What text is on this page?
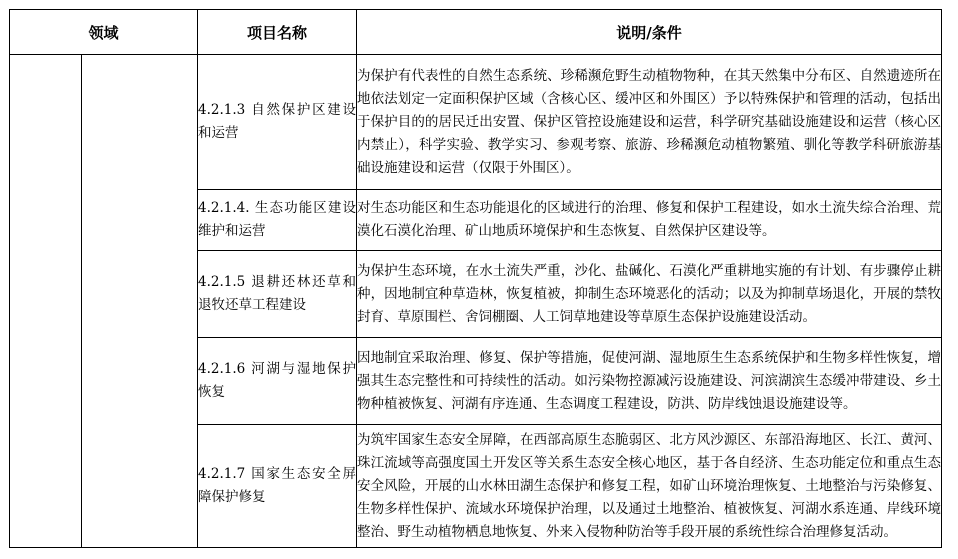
领域		项目名称	说明/条件
		4.2.1.3 自然保护区建设和运营	为保护有代表性的自然生态系统、珍稀濒危野生动植物物种，在其天然集中分布区、自然遗迹所在地依法划定一定面积保护区域（含核心区、缓冲区和外围区）予以特殊保护和管理的活动，包括出于保护目的的居民迁出安置、保护区管控设施建设和运营，科学研究基础设施建设和运营（核心区内禁止），科学实验、教学实习、参观考察、旅游、珍稀濒危动植物繁殖、驯化等教学科研旅游基础设施建设和运营（仅限于外围区）。
		4.2.1.4. 生态功能区建设维护和运营	对生态功能区和生态功能退化的区域进行的治理、修复和保护工程建设，如水土流失综合治理、荒漠化石漠化治理、矿山地质环境保护和生态恢复、自然保护区建设等。
		4.2.1.5 退耕还林还草和退牧还草工程建设	为保护生态环境，在水土流失严重，沙化、盐碱化、石漠化严重耕地实施的有计划、有步骤停止耕种，因地制宜种草造林，恢复植被，抑制生态环境恶化的活动；以及为抑制草场退化，开展的禁牧封育、草原围栏、舍饲棚圈、人工饲草地建设等草原生态保护设施建设活动。
		4.2.1.6 河湖与湿地保护恢复	因地制宜采取治理、修复、保护等措施，促使河湖、湿地原生生态系统保护和生物多样性恢复，增强其生态完整性和可持续性的活动。如污染物控源减污设施建设、河滨湖滨生态缓冲带建设、乡土物种植被恢复、河湖有序连通、生态调度工程建设，防洪、防岸线蚀退设施建设等。
		4.2.1.7 国家生态安全屏障保护修复	为筑牢国家生态安全屏障，在西部高原生态脆弱区、北方风沙源区、东部沿海地区、长江、黄河、珠江流域等高强度国土开发区等关系生态安全核心地区，基于各自经济、生态功能定位和重点生态安全风险，开展的山水林田湖生态保护和修复工程，如矿山环境治理恢复、土地整治与污染修复、生物多样性保护、流域水环境保护治理，以及通过土地整治、植被恢复、河湖水系连通、岸线环境整治、野生动植物栖息地恢复、外来入侵物种防治等手段开展的系统性综合治理修复活动。
